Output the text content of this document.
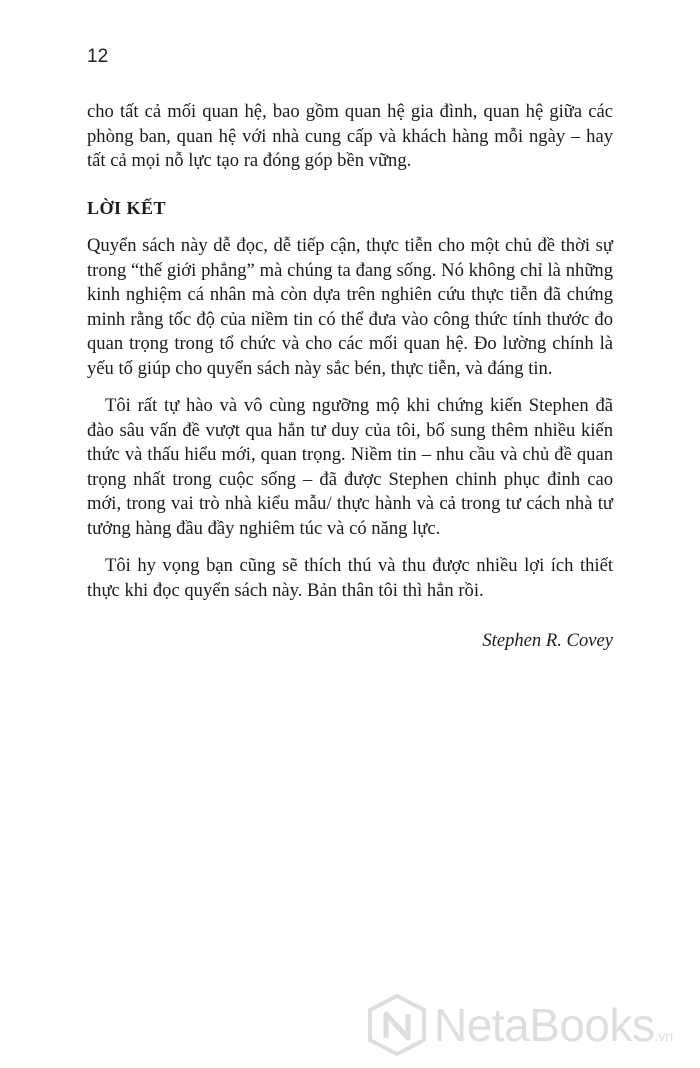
12

cho tất cả mối quan hệ, bao gồm quan hệ gia đình, quan hệ giữa các phòng ban, quan hệ với nhà cung cấp và khách hàng mỗi ngày – hay tất cả mọi nỗ lực tạo ra đóng góp bền vững.

LỜI KẾT

Quyển sách này dễ đọc, dễ tiếp cận, thực tiễn cho một chủ đề thời sự trong “thế giới phẳng” mà chúng ta đang sống. Nó không chỉ là những kinh nghiệm cá nhân mà còn dựa trên nghiên cứu thực tiễn đã chứng minh rằng tốc độ của niềm tin có thể đưa vào công thức tính thước đo quan trọng trong tổ chức và cho các mối quan hệ. Đo lường chính là yếu tố giúp cho quyển sách này sắc bén, thực tiễn, và đáng tin.

Tôi rất tự hào và vô cùng ngưỡng mộ khi chứng kiến Stephen đã đào sâu vấn đề vượt qua hẳn tư duy của tôi, bổ sung thêm nhiều kiến thức và thấu hiểu mới, quan trọng. Niềm tin – nhu cầu và chủ đề quan trọng nhất trong cuộc sống – đã được Stephen chinh phục đỉnh cao mới, trong vai trò nhà kiểu mẫu/ thực hành và cả trong tư cách nhà tư tưởng hàng đầu đầy nghiêm túc và có năng lực.

Tôi hy vọng bạn cũng sẽ thích thú và thu được nhiều lợi ích thiết thực khi đọc quyển sách này. Bản thân tôi thì hẳn rồi.

Stephen R. Covey

NetaBooks .vn
